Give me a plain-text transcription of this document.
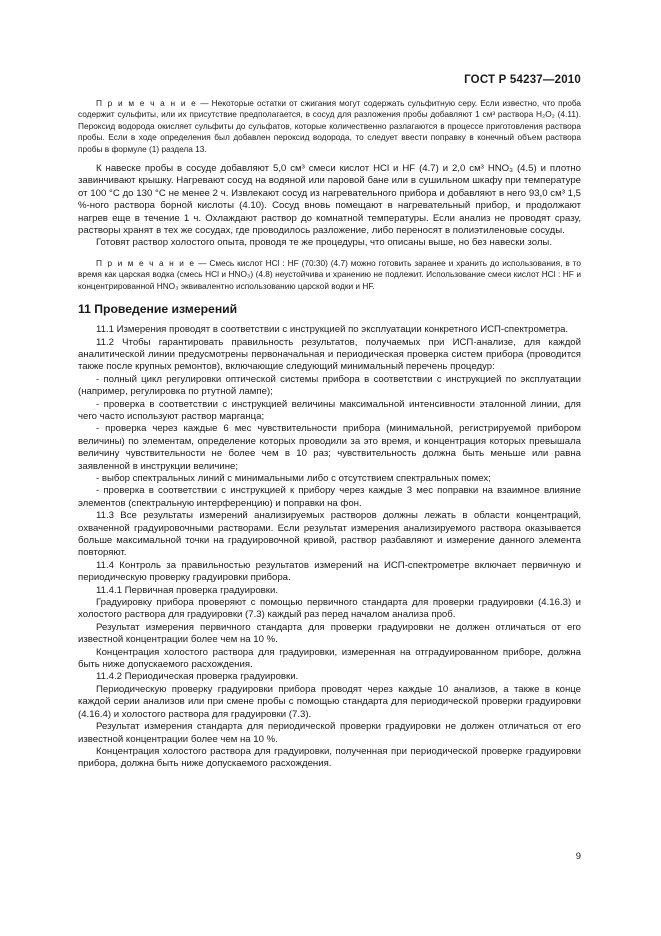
ГОСТ Р 54237—2010

П р и м е ч а н и е — Некоторые остатки от сжигания могут содержать сульфитную серу. Если известно, что проба содержит сульфиты, или их присутствие предполагается, в сосуд для разложения пробы добавляют 1 см³ раствора H₂O₂ (4.11). Пероксид водорода окисляет сульфиты до сульфатов, которые количественно разлагаются в процессе приготовления раствора пробы. Если в ходе определения был добавлен пероксид водорода, то следует ввести поправку в конечный объем раствора пробы в формуле (1) раздела 13.

К навеске пробы в сосуде добавляют 5,0 см³ смеси кислот HCl и HF (4.7) и 2,0 см³ HNO₃ (4.5) и плотно завинчивают крышку. Нагревают сосуд на водяной или паровой бане или в сушильном шкафу при температуре от 100 °С до 130 °С не менее 2 ч. Извлекают сосуд из нагревательного прибора и добавляют в него 93,0 см³ 1,5 %-ного раствора борной кислоты (4.10). Сосуд вновь помещают в нагревательный прибор, и продолжают нагрев еще в течение 1 ч. Охлаждают раствор до комнатной температуры. Если анализ не проводят сразу, растворы хранят в тех же сосудах, где проводилось разложение, либо переносят в полиэтиленовые сосуды.

Готовят раствор холостого опыта, проводя те же процедуры, что описаны выше, но без навески золы.

П р и м е ч а н и е — Смесь кислот HCl : HF (70:30) (4.7) можно готовить заранее и хранить до использования, в то время как царская водка (смесь HCl и HNO₃) (4.8) неустойчива и хранению не подлежит. Использование смеси кислот HCl : HF и концентрированной HNO₃ эквивалентно использованию царской водки и HF.

11 Проведение измерений

11.1 Измерения проводят в соответствии с инструкцией по эксплуатации конкретного ИСП-спектрометра.

11.2 Чтобы гарантировать правильность результатов, получаемых при ИСП-анализе, для каждой аналитической линии предусмотрены первоначальная и периодическая проверка систем прибора (проводится также после крупных ремонтов), включающие следующий минимальный перечень процедур:

- полный цикл регулировки оптической системы прибора в соответствии с инструкцией по эксплуатации (например, регулировка по ртутной лампе);

- проверка в соответствии с инструкцией величины максимальной интенсивности эталонной линии, для чего часто используют раствор марганца;

- проверка через каждые 6 мес чувствительности прибора (минимальной, регистрируемой прибором величины) по элементам, определение которых проводили за это время, и концентрация которых превышала величину чувствительности не более чем в 10 раз; чувствительность должна быть меньше или равна заявленной в инструкции величине;

- выбор спектральных линий с минимальными либо с отсутствием спектральных помех;

- проверка в соответствии с инструкцией к прибору через каждые 3 мес поправки на взаимное влияние элементов (спектральную интерференцию) и поправки на фон.

11.3 Все результаты измерений анализируемых растворов должны лежать в области концентраций, охваченной градуировочными растворами. Если результат измерения анализируемого раствора оказывается больше максимальной точки на градуировочной кривой, раствор разбавляют и измерение данного элемента повторяют.

11.4 Контроль за правильностью результатов измерений на ИСП-спектрометре включает первичную и периодическую проверку градуировки прибора.

11.4.1 Первичная проверка градуировки.

Градуировку прибора проверяют с помощью первичного стандарта для проверки градуировки (4.16.3) и холостого раствора для градуировки (7.3) каждый раз перед началом анализа проб.

Результат измерения первичного стандарта для проверки градуировки не должен отличаться от его известной концентрации более чем на 10 %.

Концентрация холостого раствора для градуировки, измеренная на отградуированном приборе, должна быть ниже допускаемого расхождения.

11.4.2 Периодическая проверка градуировки.

Периодическую проверку градуировки прибора проводят через каждые 10 анализов, а также в конце каждой серии анализов или при смене пробы с помощью стандарта для периодической проверки градуировки (4.16.4) и холостого раствора для градуировки (7.3).

Результат измерения стандарта для периодической проверки градуировки не должен отличаться от его известной концентрации более чем на 10 %.

Концентрация холостого раствора для градуировки, полученная при периодической проверке градуировки прибора, должна быть ниже допускаемого расхождения.

9
